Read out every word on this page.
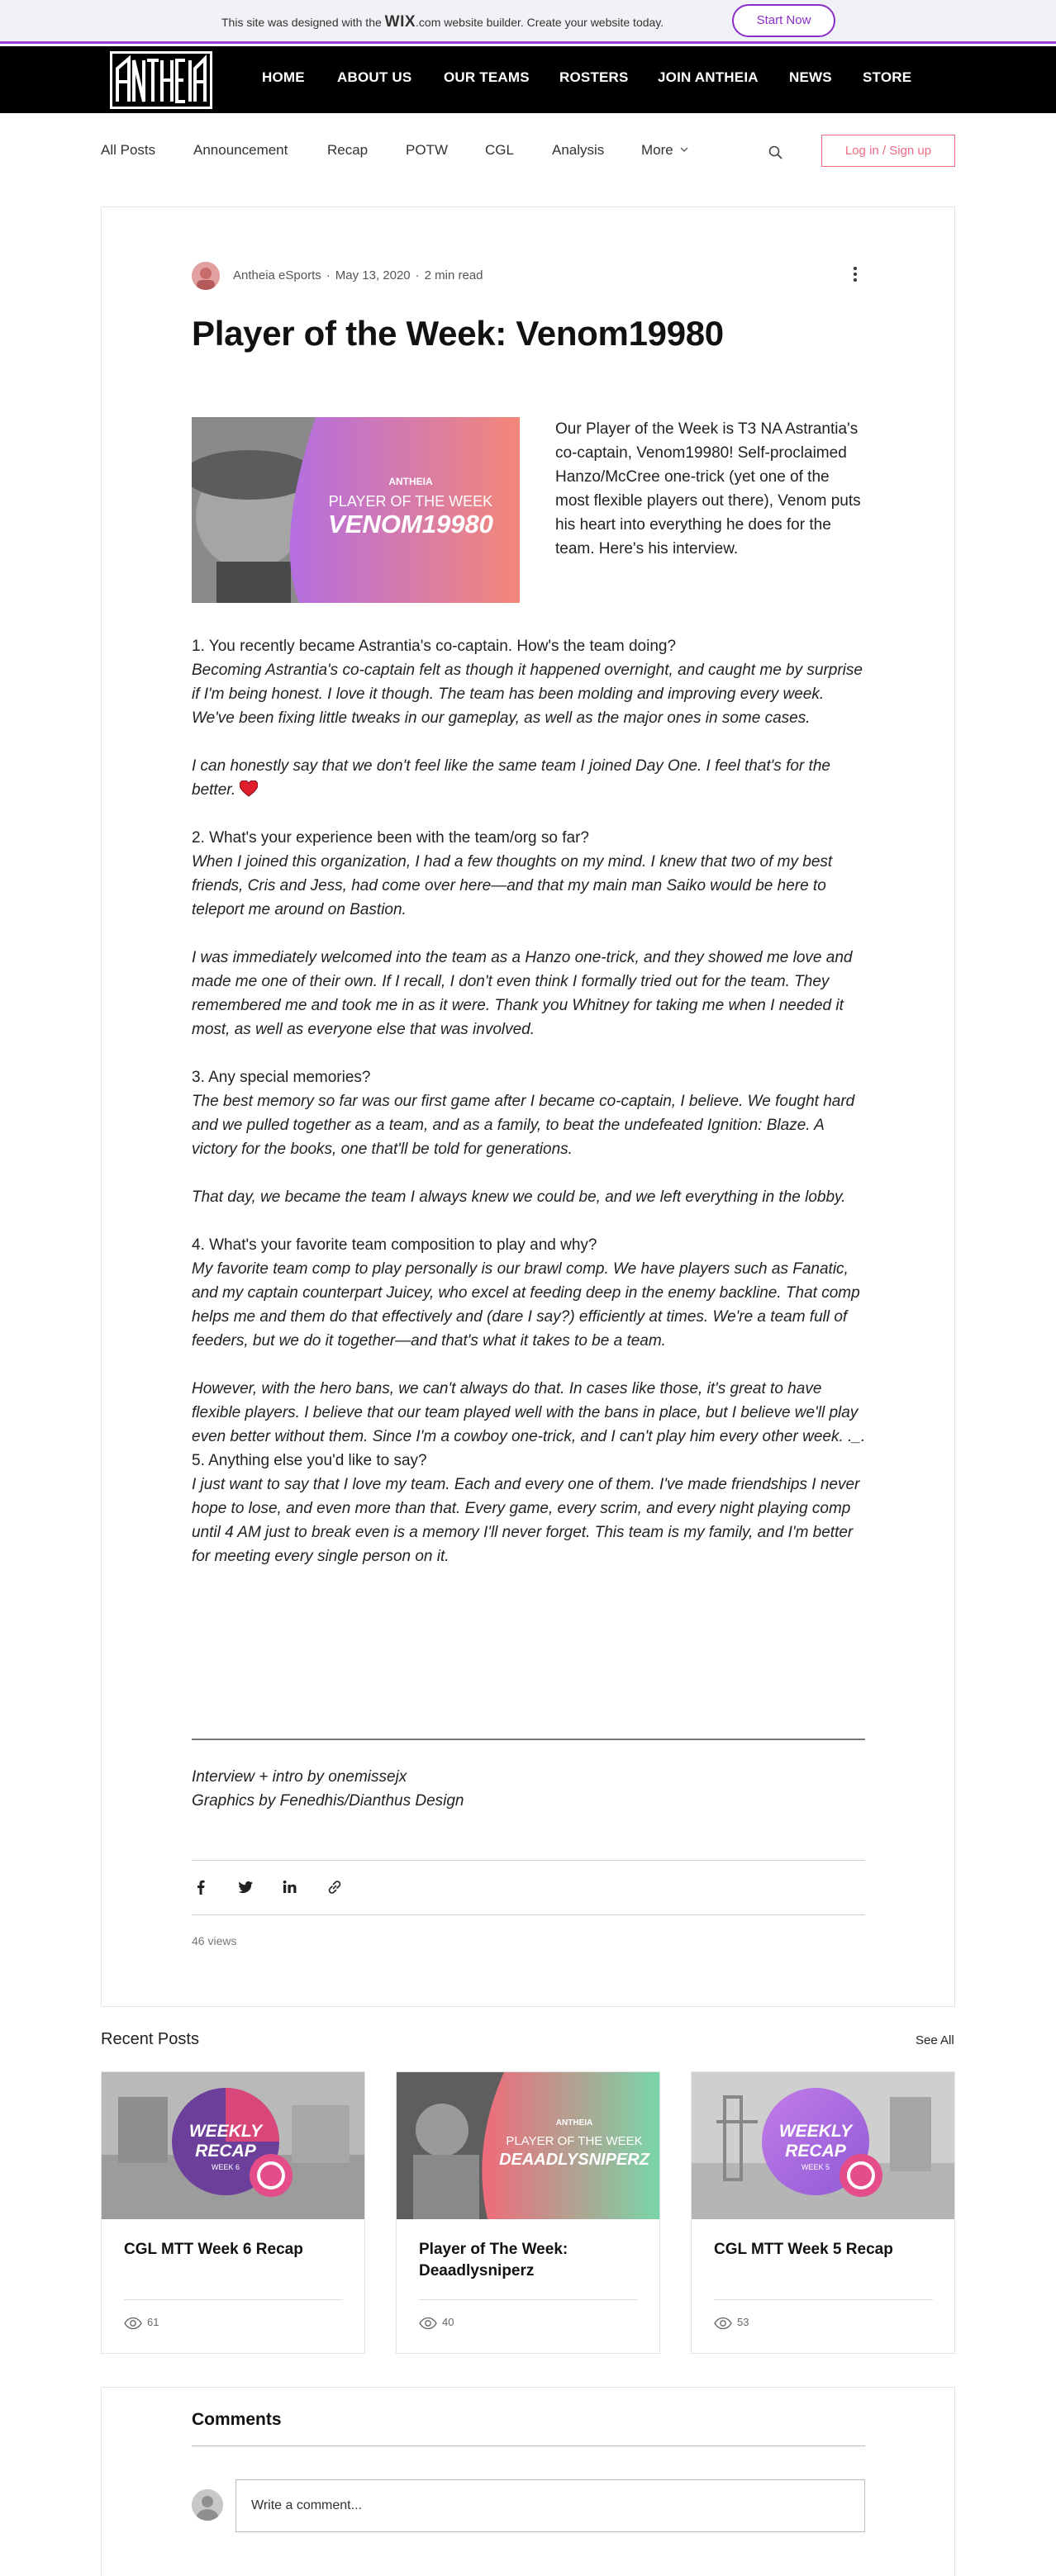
This site was designed with the WIX.com website builder. Create your website today.	Start Now
HOME ABOUT US OUR TEAMS ROSTERS JOIN ANTHEIA NEWS STORE
All Posts	Announcement	Recap	POTW	CGL	Analysis	More	Log in / Sign up
Antheia eSports · May 13, 2020 · 2 min read
Player of the Week: Venom19980
ANTHEIA
PLAYER OF THE WEEK
VENOM19980
Our Player of the Week is T3 NA Astrantia's co-captain, Venom19980! Self-proclaimed Hanzo/McCree one-trick (yet one of the most flexible players out there), Venom puts his heart into everything he does for the team. Here's his interview.

1. You recently became Astrantia's co-captain. How's the team doing?

Becoming Astrantia's co-captain felt as though it happened overnight, and caught me by surprise if I'm being honest. I love it though. The team has been molding and improving every week. We've been fixing little tweaks in our gameplay, as well as the major ones in some cases.

I can honestly say that we don't feel like the same team I joined Day One. I feel that's for the better.

2. What's your experience been with the team/org so far?

When I joined this organization, I had a few thoughts on my mind. I knew that two of my best friends, Cris and Jess, had come over here—and that my main man Saiko would be here to teleport me around on Bastion.

I was immediately welcomed into the team as a Hanzo one-trick, and they showed me love and made me one of their own. If I recall, I don't even think I formally tried out for the team. They remembered me and took me in as it were. Thank you Whitney for taking me when I needed it most, as well as everyone else that was involved.

3. Any special memories?

The best memory so far was our first game after I became co-captain, I believe. We fought hard and we pulled together as a team, and as a family, to beat the undefeated Ignition: Blaze. A victory for the books, one that'll be told for generations.

That day, we became the team I always knew we could be, and we left everything in the lobby.

4. What's your favorite team composition to play and why?

My favorite team comp to play personally is our brawl comp. We have players such as Fanatic, and my captain counterpart Juicey, who excel at feeding deep in the enemy backline. That comp helps me and them do that effectively and (dare I say?) efficiently at times. We're a team full of feeders, but we do it together—and that's what it takes to be a team.

However, with the hero bans, we can't always do that. In cases like those, it's great to have flexible players. I believe that our team played well with the bans in place, but I believe we'll play even better without them. Since I'm a cowboy one-trick, and I can't play him every other week. ._.

5. Anything else you'd like to say?

I just want to say that I love my team. Each and every one of them. I've made friendships I never hope to lose, and even more than that. Every game, every scrim, and every night playing comp until 4 AM just to break even is a memory I'll never forget. This team is my family, and I'm better for meeting every single person on it.

Interview + intro by onemissejx
Graphics by Fenedhis/Dianthus Design
46 views
Recent Posts	See All
WEEKLY
RECAP
WEEK 6
CGL MTT Week 6 Recap
61
ANTHEIA
PLAYER OF THE WEEK
DEAADLYSNIPERZ
Player of The Week: Deaadlysniperz
40
WEEKLY
RECAP
WEEK 5
CGL MTT Week 5 Recap
53
Comments
Write a comment...
